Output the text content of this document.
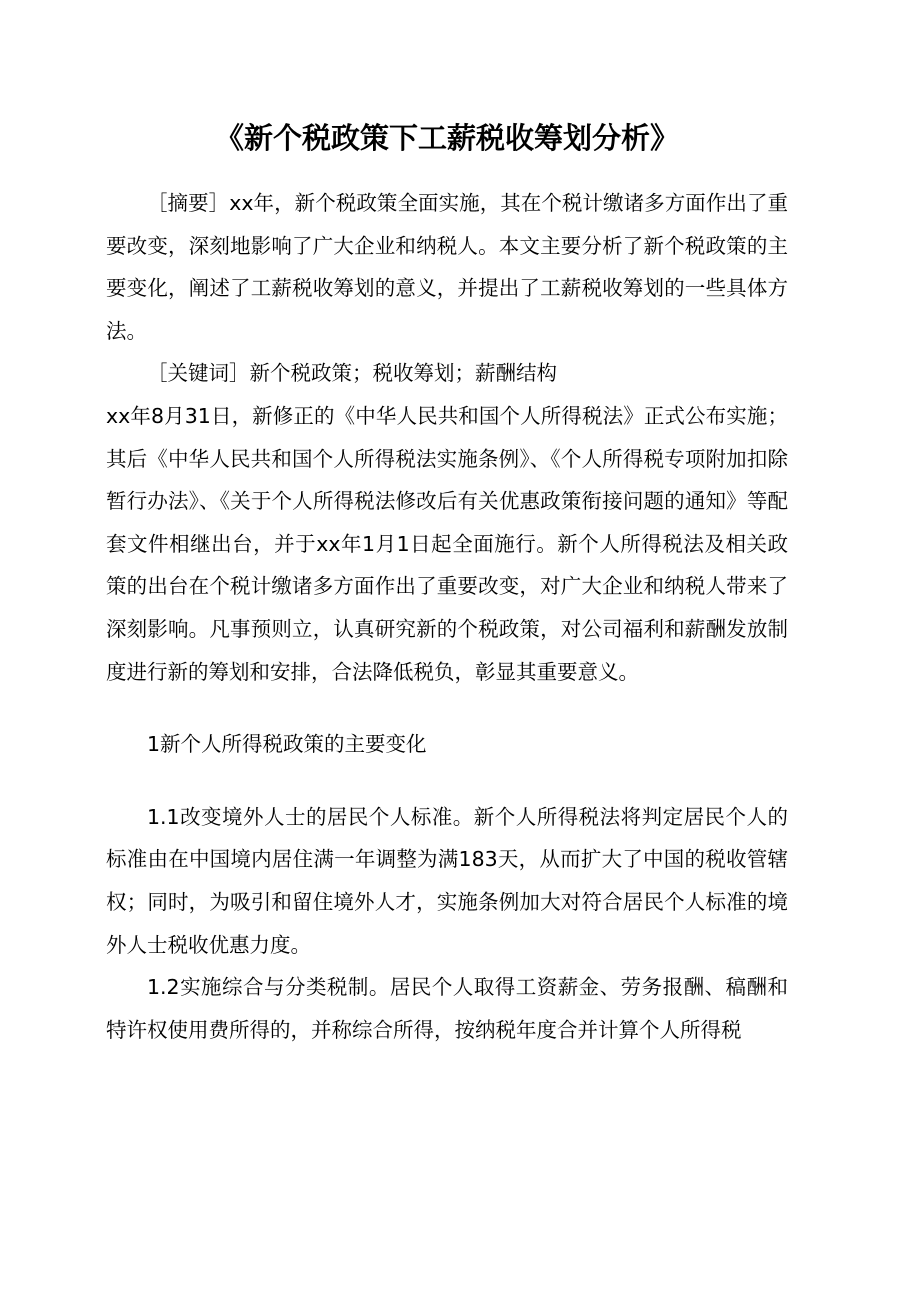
《新个税政策下工薪税收筹划分析》

［摘要］xx年，新个税政策全面实施，其在个税计缴诸多方面作出了重要改变，深刻地影响了广大企业和纳税人。本文主要分析了新个税政策的主要变化，阐述了工薪税收筹划的意义，并提出了工薪税收筹划的一些具体方法。

［关键词］新个税政策；税收筹划；薪酬结构

xx年8月31日，新修正的《中华人民共和国个人所得税法》正式公布实施；其后《中华人民共和国个人所得税法实施条例》、《个人所得税专项附加扣除暂行办法》、《关于个人所得税法修改后有关优惠政策衔接问题的通知》等配套文件相继出台，并于xx年1月1日起全面施行。新个人所得税法及相关政策的出台在个税计缴诸多方面作出了重要改变，对广大企业和纳税人带来了深刻影响。凡事预则立，认真研究新的个税政策，对公司福利和薪酬发放制度进行新的筹划和安排，合法降低税负，彰显其重要意义。

1新个人所得税政策的主要变化

1.1改变境外人士的居民个人标准。新个人所得税法将判定居民个人的标准由在中国境内居住满一年调整为满183天，从而扩大了中国的税收管辖权；同时，为吸引和留住境外人才，实施条例加大对符合居民个人标准的境外人士税收优惠力度。

1.2实施综合与分类税制。居民个人取得工资薪金、劳务报酬、稿酬和特许权使用费所得的，并称综合所得，按纳税年度合并计算个人所得税
